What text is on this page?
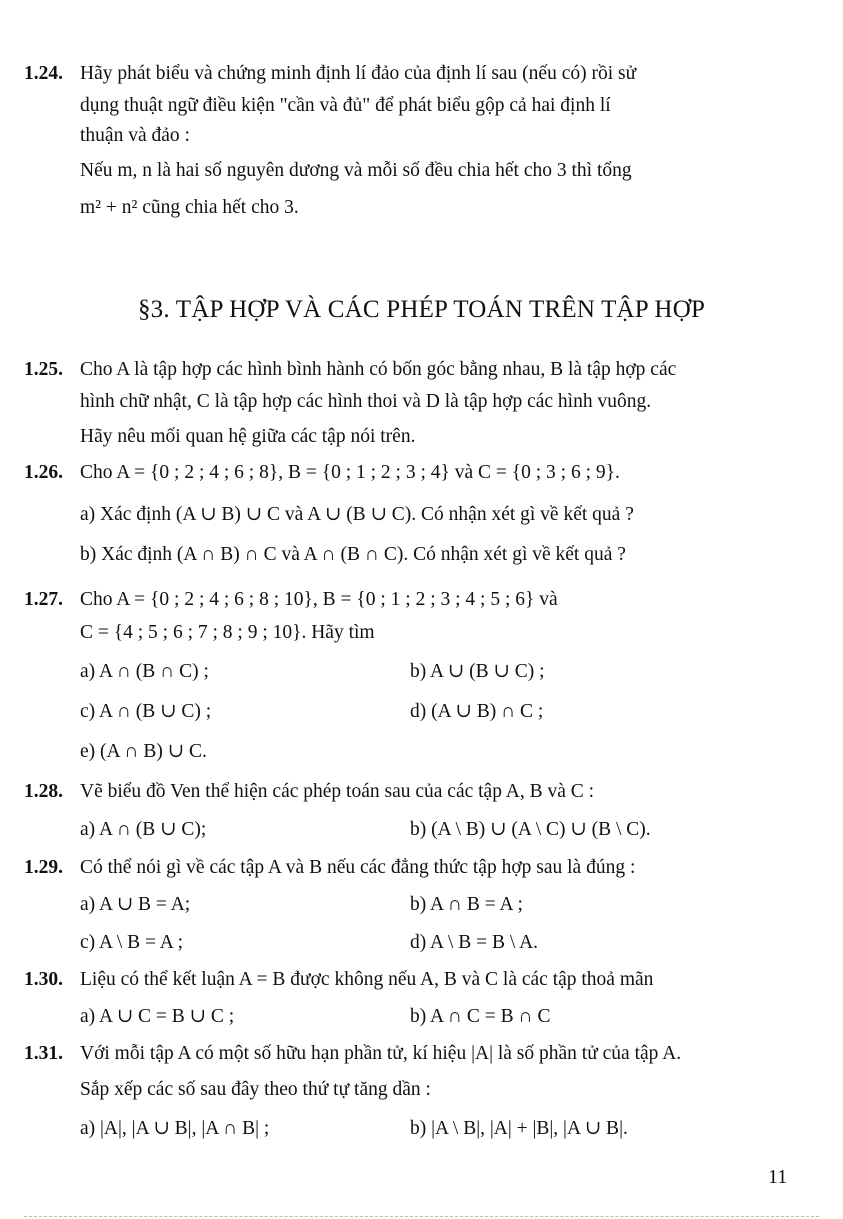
1.24. Hãy phát biểu và chứng minh định lí đảo của định lí sau (nếu có) rồi sử
dụng thuật ngữ điều kiện "cần và đủ" để phát biểu gộp cả hai định lí
thuận và đảo :
Nếu m, n là hai số nguyên dương và mỗi số đều chia hết cho 3 thì tổng
m² + n² cũng chia hết cho 3.
§3. TẬP HỢP VÀ CÁC PHÉP TOÁN TRÊN TẬP HỢP
1.25. Cho A là tập hợp các hình bình hành có bốn góc bằng nhau, B là tập hợp các
hình chữ nhật, C là tập hợp các hình thoi và D là tập hợp các hình vuông.
Hãy nêu mối quan hệ giữa các tập nói trên.
1.26. Cho A = {0 ; 2 ; 4 ; 6 ; 8}, B = {0 ; 1 ; 2 ; 3 ; 4} và C = {0 ; 3 ; 6 ; 9}.
a) Xác định (A ∪ B) ∪ C và A ∪ (B ∪ C). Có nhận xét gì về kết quả ?
b) Xác định (A ∩ B) ∩ C và A ∩ (B ∩ C). Có nhận xét gì về kết quả ?
1.27. Cho A = {0 ; 2 ; 4 ; 6 ; 8 ; 10}, B = {0 ; 1 ; 2 ; 3 ; 4 ; 5 ; 6} và
C = {4 ; 5 ; 6 ; 7 ; 8 ; 9 ; 10}. Hãy tìm
a) A ∩ (B ∩ C) ;	b) A ∪ (B ∪ C) ;
c) A ∩ (B ∪ C) ;	d) (A ∪ B) ∩ C ;
e) (A ∩ B) ∪ C.
1.28. Vẽ biểu đồ Ven thể hiện các phép toán sau của các tập A, B và C :
a) A ∩ (B ∪ C);	b) (A \ B) ∪ (A \ C) ∪ (B \ C).
1.29. Có thể nói gì về các tập A và B nếu các đẳng thức tập hợp sau là đúng :
a) A ∪ B = A;	b) A ∩ B = A ;
c) A \ B = A ;	d) A \ B = B \ A.
1.30. Liệu có thể kết luận A = B được không nếu A, B và C là các tập thoả mãn
a) A ∪ C = B ∪ C ;	b) A ∩ C = B ∩ C
1.31. Với mỗi tập A có một số hữu hạn phần tử, kí hiệu |A| là số phần tử của tập A.
Sắp xếp các số sau đây theo thứ tự tăng dần :
a) |A|, |A ∪ B|, |A ∩ B| ;	b) |A \ B|, |A| + |B|, |A ∪ B|.
11
